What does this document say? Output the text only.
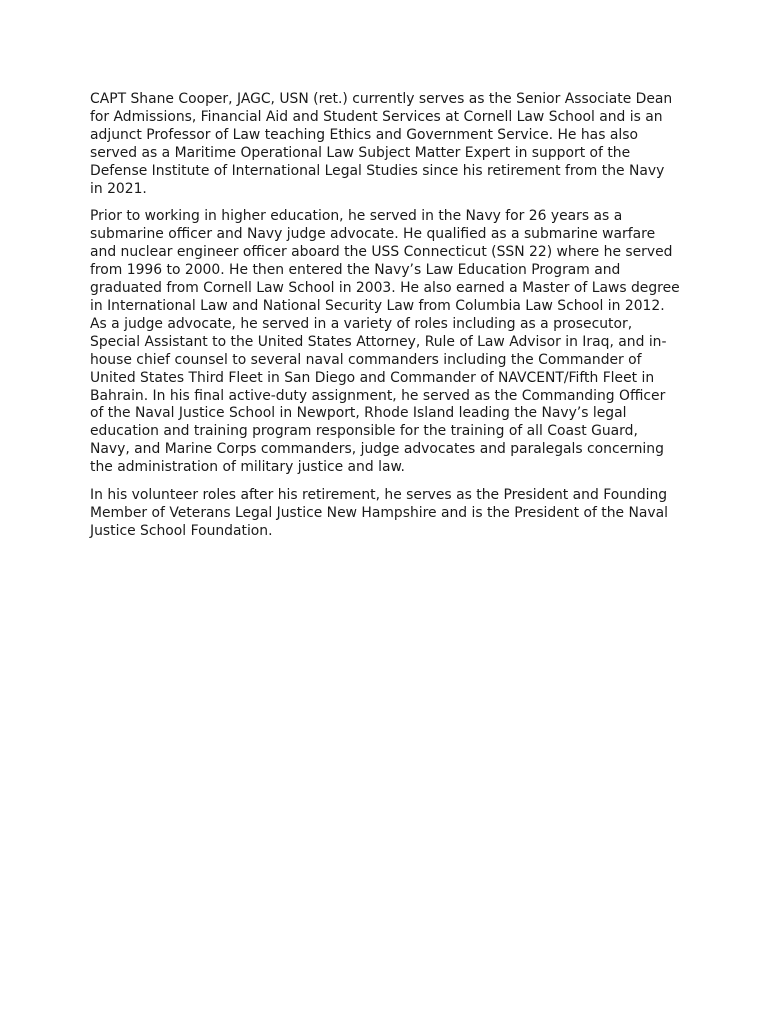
CAPT Shane Cooper, JAGC, USN (ret.) currently serves as the Senior Associate Dean
for Admissions, Financial Aid and Student Services at Cornell Law School and is an
adjunct Professor of Law teaching Ethics and Government Service. He has also
served as a Maritime Operational Law Subject Matter Expert in support of the
Defense Institute of International Legal Studies since his retirement from the Navy
in 2021.

Prior to working in higher education, he served in the Navy for 26 years as a
submarine officer and Navy judge advocate. He qualified as a submarine warfare
and nuclear engineer officer aboard the USS Connecticut (SSN 22) where he served
from 1996 to 2000. He then entered the Navy’s Law Education Program and
graduated from Cornell Law School in 2003. He also earned a Master of Laws degree
in International Law and National Security Law from Columbia Law School in 2012.
As a judge advocate, he served in a variety of roles including as a prosecutor,
Special Assistant to the United States Attorney, Rule of Law Advisor in Iraq, and in-
house chief counsel to several naval commanders including the Commander of
United States Third Fleet in San Diego and Commander of NAVCENT/Fifth Fleet in
Bahrain. In his final active-duty assignment, he served as the Commanding Officer
of the Naval Justice School in Newport, Rhode Island leading the Navy’s legal
education and training program responsible for the training of all Coast Guard,
Navy, and Marine Corps commanders, judge advocates and paralegals concerning
the administration of military justice and law.

In his volunteer roles after his retirement, he serves as the President and Founding
Member of Veterans Legal Justice New Hampshire and is the President of the Naval
Justice School Foundation.
